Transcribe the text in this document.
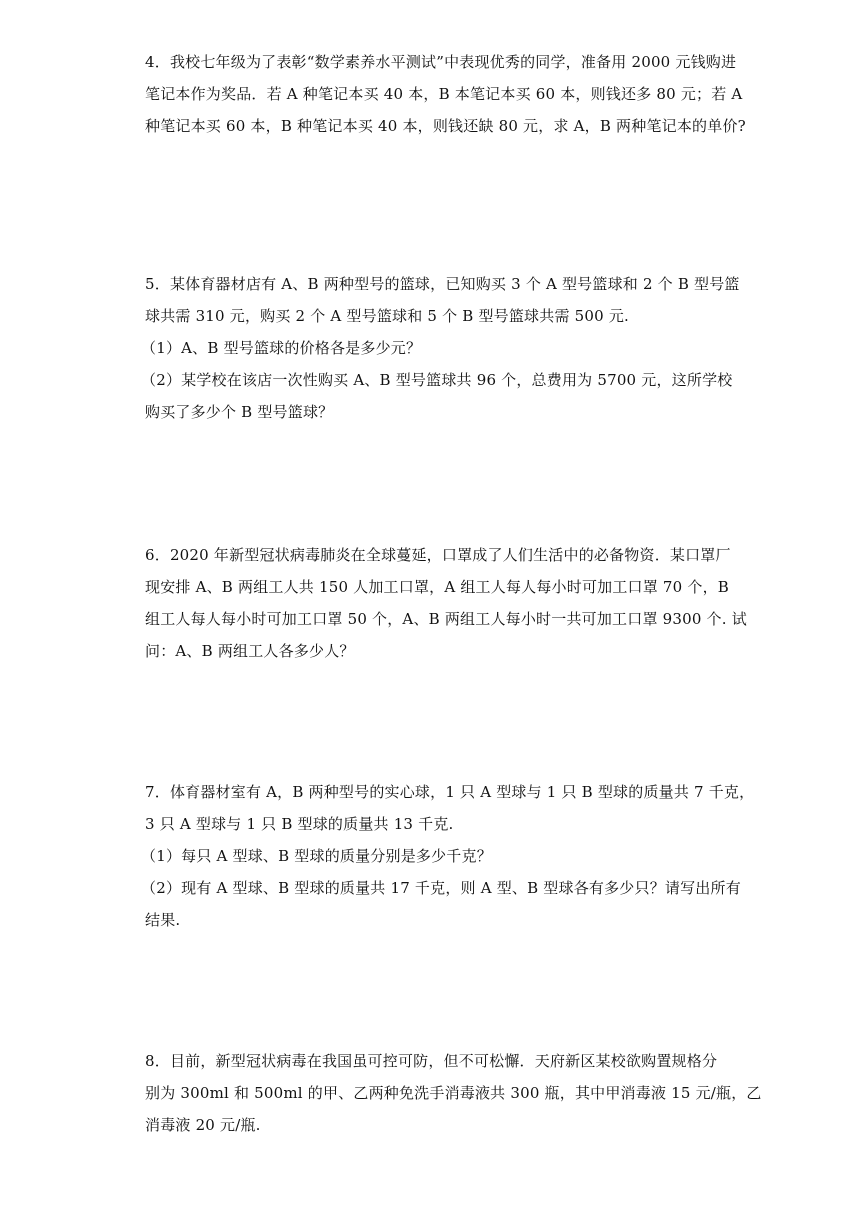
4．我校七年级为了表彰“数学素养水平测试”中表现优秀的同学，准备用 2000 元钱购进
笔记本作为奖品．若 A 种笔记本买 40 本，B 本笔记本买 60 本，则钱还多 80 元；若 A
种笔记本买 60 本，B 种笔记本买 40 本，则钱还缺 80 元，求 A，B 两种笔记本的单价?
5．某体育器材店有 A、B 两种型号的篮球，已知购买 3 个 A 型号篮球和 2 个 B 型号篮
球共需 310 元，购买 2 个 A 型号篮球和 5 个 B 型号篮球共需 500 元.
（1）A、B 型号篮球的价格各是多少元？
（2）某学校在该店一次性购买 A、B 型号篮球共 96 个，总费用为 5700 元，这所学校
购买了多少个 B 型号篮球？
6．2020 年新型冠状病毒肺炎在全球蔓延，口罩成了人们生活中的必备物资．某口罩厂
现安排 A、B 两组工人共 150 人加工口罩，A 组工人每人每小时可加工口罩 70 个，B
组工人每人每小时可加工口罩 50 个，A、B 两组工人每小时一共可加工口罩 9300 个. 试
问：A、B 两组工人各多少人？
7．体育器材室有 A，B 两种型号的实心球，1 只 A 型球与 1 只 B 型球的质量共 7 千克，
3 只 A 型球与 1 只 B 型球的质量共 13 千克.
（1）每只 A 型球、B 型球的质量分别是多少千克？
（2）现有 A 型球、B 型球的质量共 17 千克，则 A 型、B 型球各有多少只？请写出所有
结果.
8．目前，新型冠状病毒在我国虽可控可防，但不可松懈．天府新区某校欲购置规格分
别为 300ml 和 500ml 的甲、乙两种免洗手消毒液共 300 瓶，其中甲消毒液 15 元/瓶，乙
消毒液 20 元/瓶.
